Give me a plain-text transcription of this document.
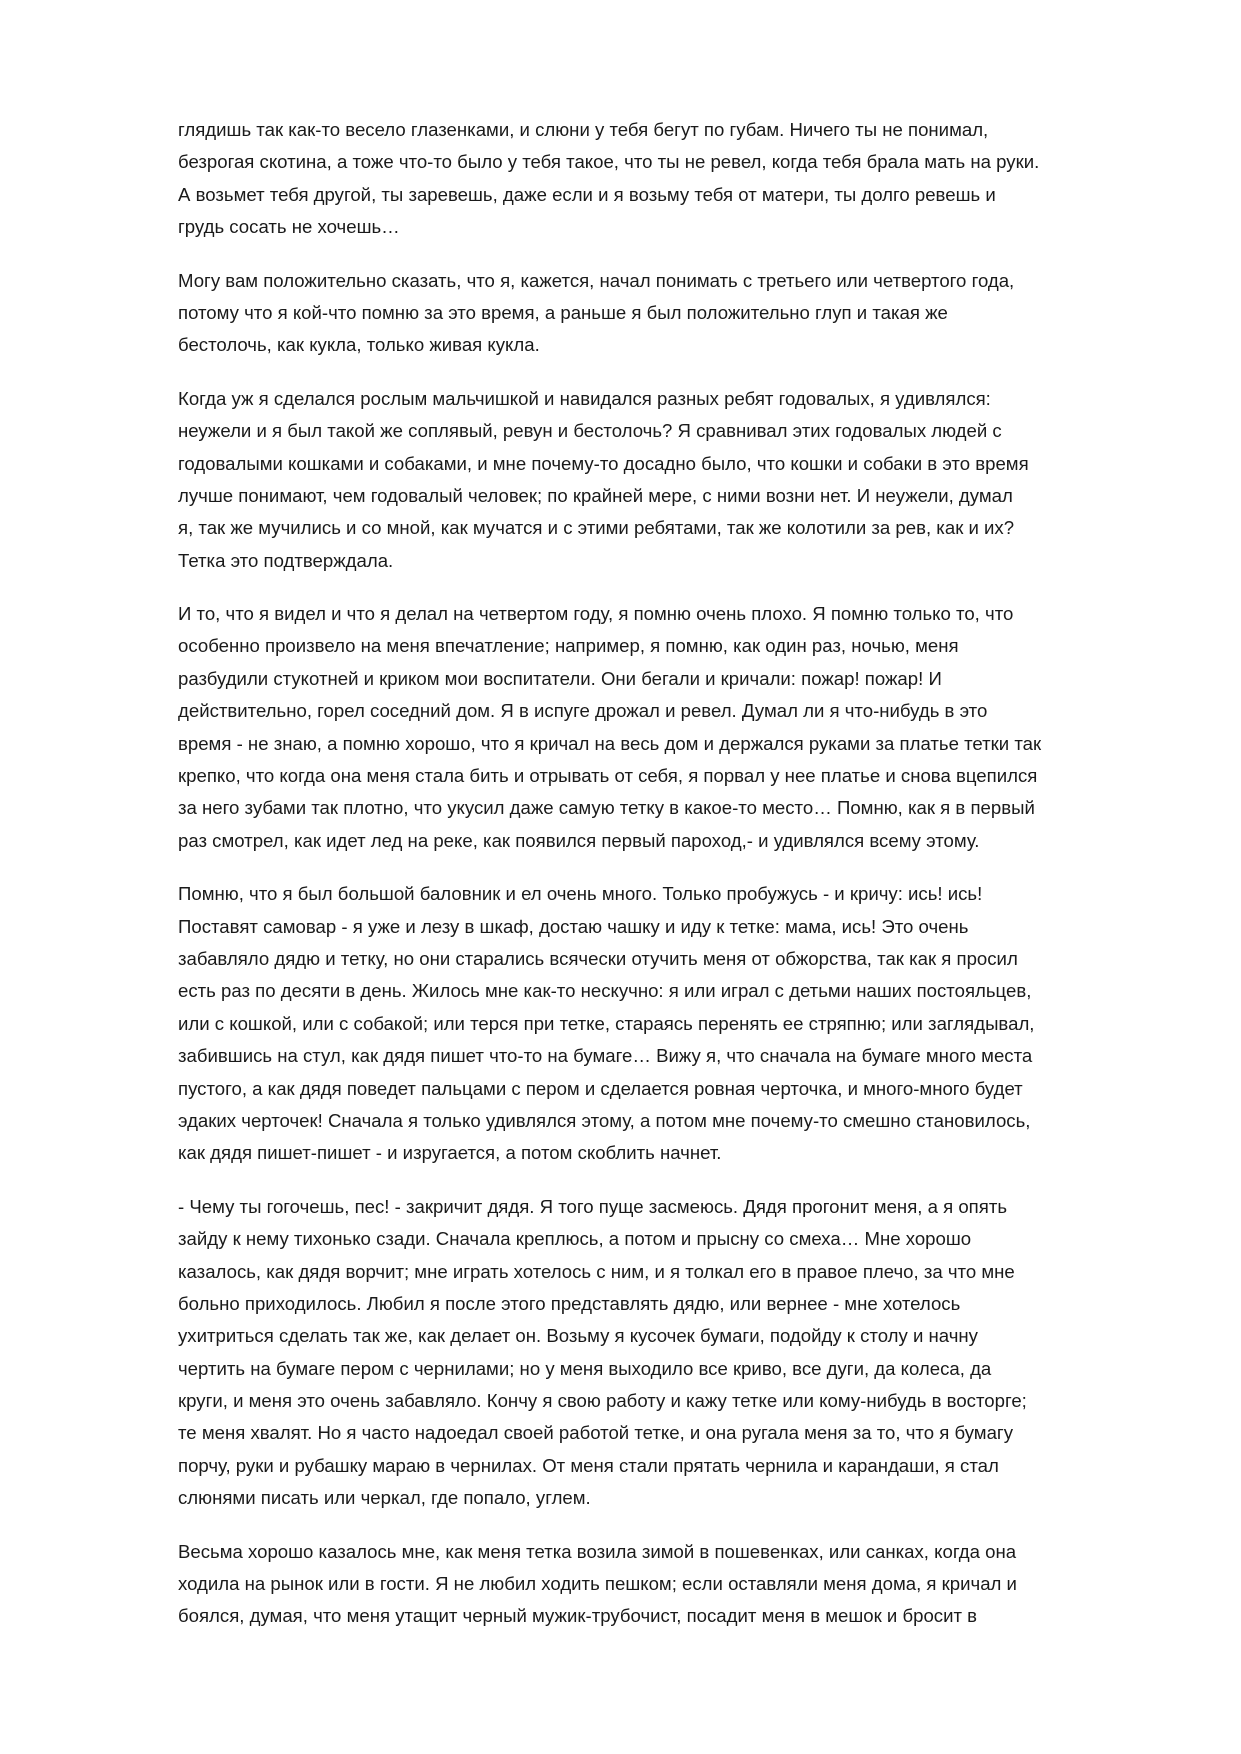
глядишь так как-то весело глазенками, и слюни у тебя бегут по губам. Ничего ты не понимал,
безрогая скотина, а тоже что-то было у тебя такое, что ты не ревел, когда тебя брала мать на руки.
А возьмет тебя другой, ты заревешь, даже если и я возьму тебя от матери, ты долго ревешь и
грудь сосать не хочешь…
Могу вам положительно сказать, что я, кажется, начал понимать с третьего или четвертого года,
потому что я кой-что помню за это время, а раньше я был положительно глуп и такая же
бестолочь, как кукла, только живая кукла.
Когда уж я сделался рослым мальчишкой и навидался разных ребят годовалых, я удивлялся:
неужели и я был такой же соплявый, ревун и бестолочь? Я сравнивал этих годовалых людей с
годовалыми кошками и собаками, и мне почему-то досадно было, что кошки и собаки в это время
лучше понимают, чем годовалый человек; по крайней мере, с ними возни нет. И неужели, думал
я, так же мучились и со мной, как мучатся и с этими ребятами, так же колотили за рев, как и их?
Тетка это подтверждала.
И то, что я видел и что я делал на четвертом году, я помню очень плохо. Я помню только то, что
особенно произвело на меня впечатление; например, я помню, как один раз, ночью, меня
разбудили стукотней и криком мои воспитатели. Они бегали и кричали: пожар! пожар! И
действительно, горел соседний дом. Я в испуге дрожал и ревел. Думал ли я что-нибудь в это
время - не знаю, а помню хорошо, что я кричал на весь дом и держался руками за платье тетки так
крепко, что когда она меня стала бить и отрывать от себя, я порвал у нее платье и снова вцепился
за него зубами так плотно, что укусил даже самую тетку в какое-то место… Помню, как я в первый
раз смотрел, как идет лед на реке, как появился первый пароход,- и удивлялся всему этому.
Помню, что я был большой баловник и ел очень много. Только пробужусь - и кричу: ись! ись!
Поставят самовар - я уже и лезу в шкаф, достаю чашку и иду к тетке: мама, ись! Это очень
забавляло дядю и тетку, но они старались всячески отучить меня от обжорства, так как я просил
есть раз по десяти в день. Жилось мне как-то нескучно: я или играл с детьми наших постояльцев,
или с кошкой, или с собакой; или терся при тетке, стараясь перенять ее стряпню; или заглядывал,
забившись на стул, как дядя пишет что-то на бумаге… Вижу я, что сначала на бумаге много места
пустого, а как дядя поведет пальцами с пером и сделается ровная черточка, и много-много будет
эдаких черточек! Сначала я только удивлялся этому, а потом мне почему-то смешно становилось,
как дядя пишет-пишет - и изругается, а потом скоблить начнет.
- Чему ты гогочешь, пес! - закричит дядя. Я того пуще засмеюсь. Дядя прогонит меня, а я опять
зайду к нему тихонько сзади. Сначала креплюсь, а потом и прысну со смеха… Мне хорошо
казалось, как дядя ворчит; мне играть хотелось с ним, и я толкал его в правое плечо, за что мне
больно приходилось. Любил я после этого представлять дядю, или вернее - мне хотелось
ухитриться сделать так же, как делает он. Возьму я кусочек бумаги, подойду к столу и начну
чертить на бумаге пером с чернилами; но у меня выходило все криво, все дуги, да колеса, да
круги, и меня это очень забавляло. Кончу я свою работу и кажу тетке или кому-нибудь в восторге;
те меня хвалят. Но я часто надоедал своей работой тетке, и она ругала меня за то, что я бумагу
порчу, руки и рубашку мараю в чернилах. От меня стали прятать чернила и карандаши, я стал
слюнями писать или черкал, где попало, углем.
Весьма хорошо казалось мне, как меня тетка возила зимой в пошевенках, или санках, когда она
ходила на рынок или в гости. Я не любил ходить пешком; если оставляли меня дома, я кричал и
боялся, думая, что меня утащит черный мужик-трубочист, посадит меня в мешок и бросит в
